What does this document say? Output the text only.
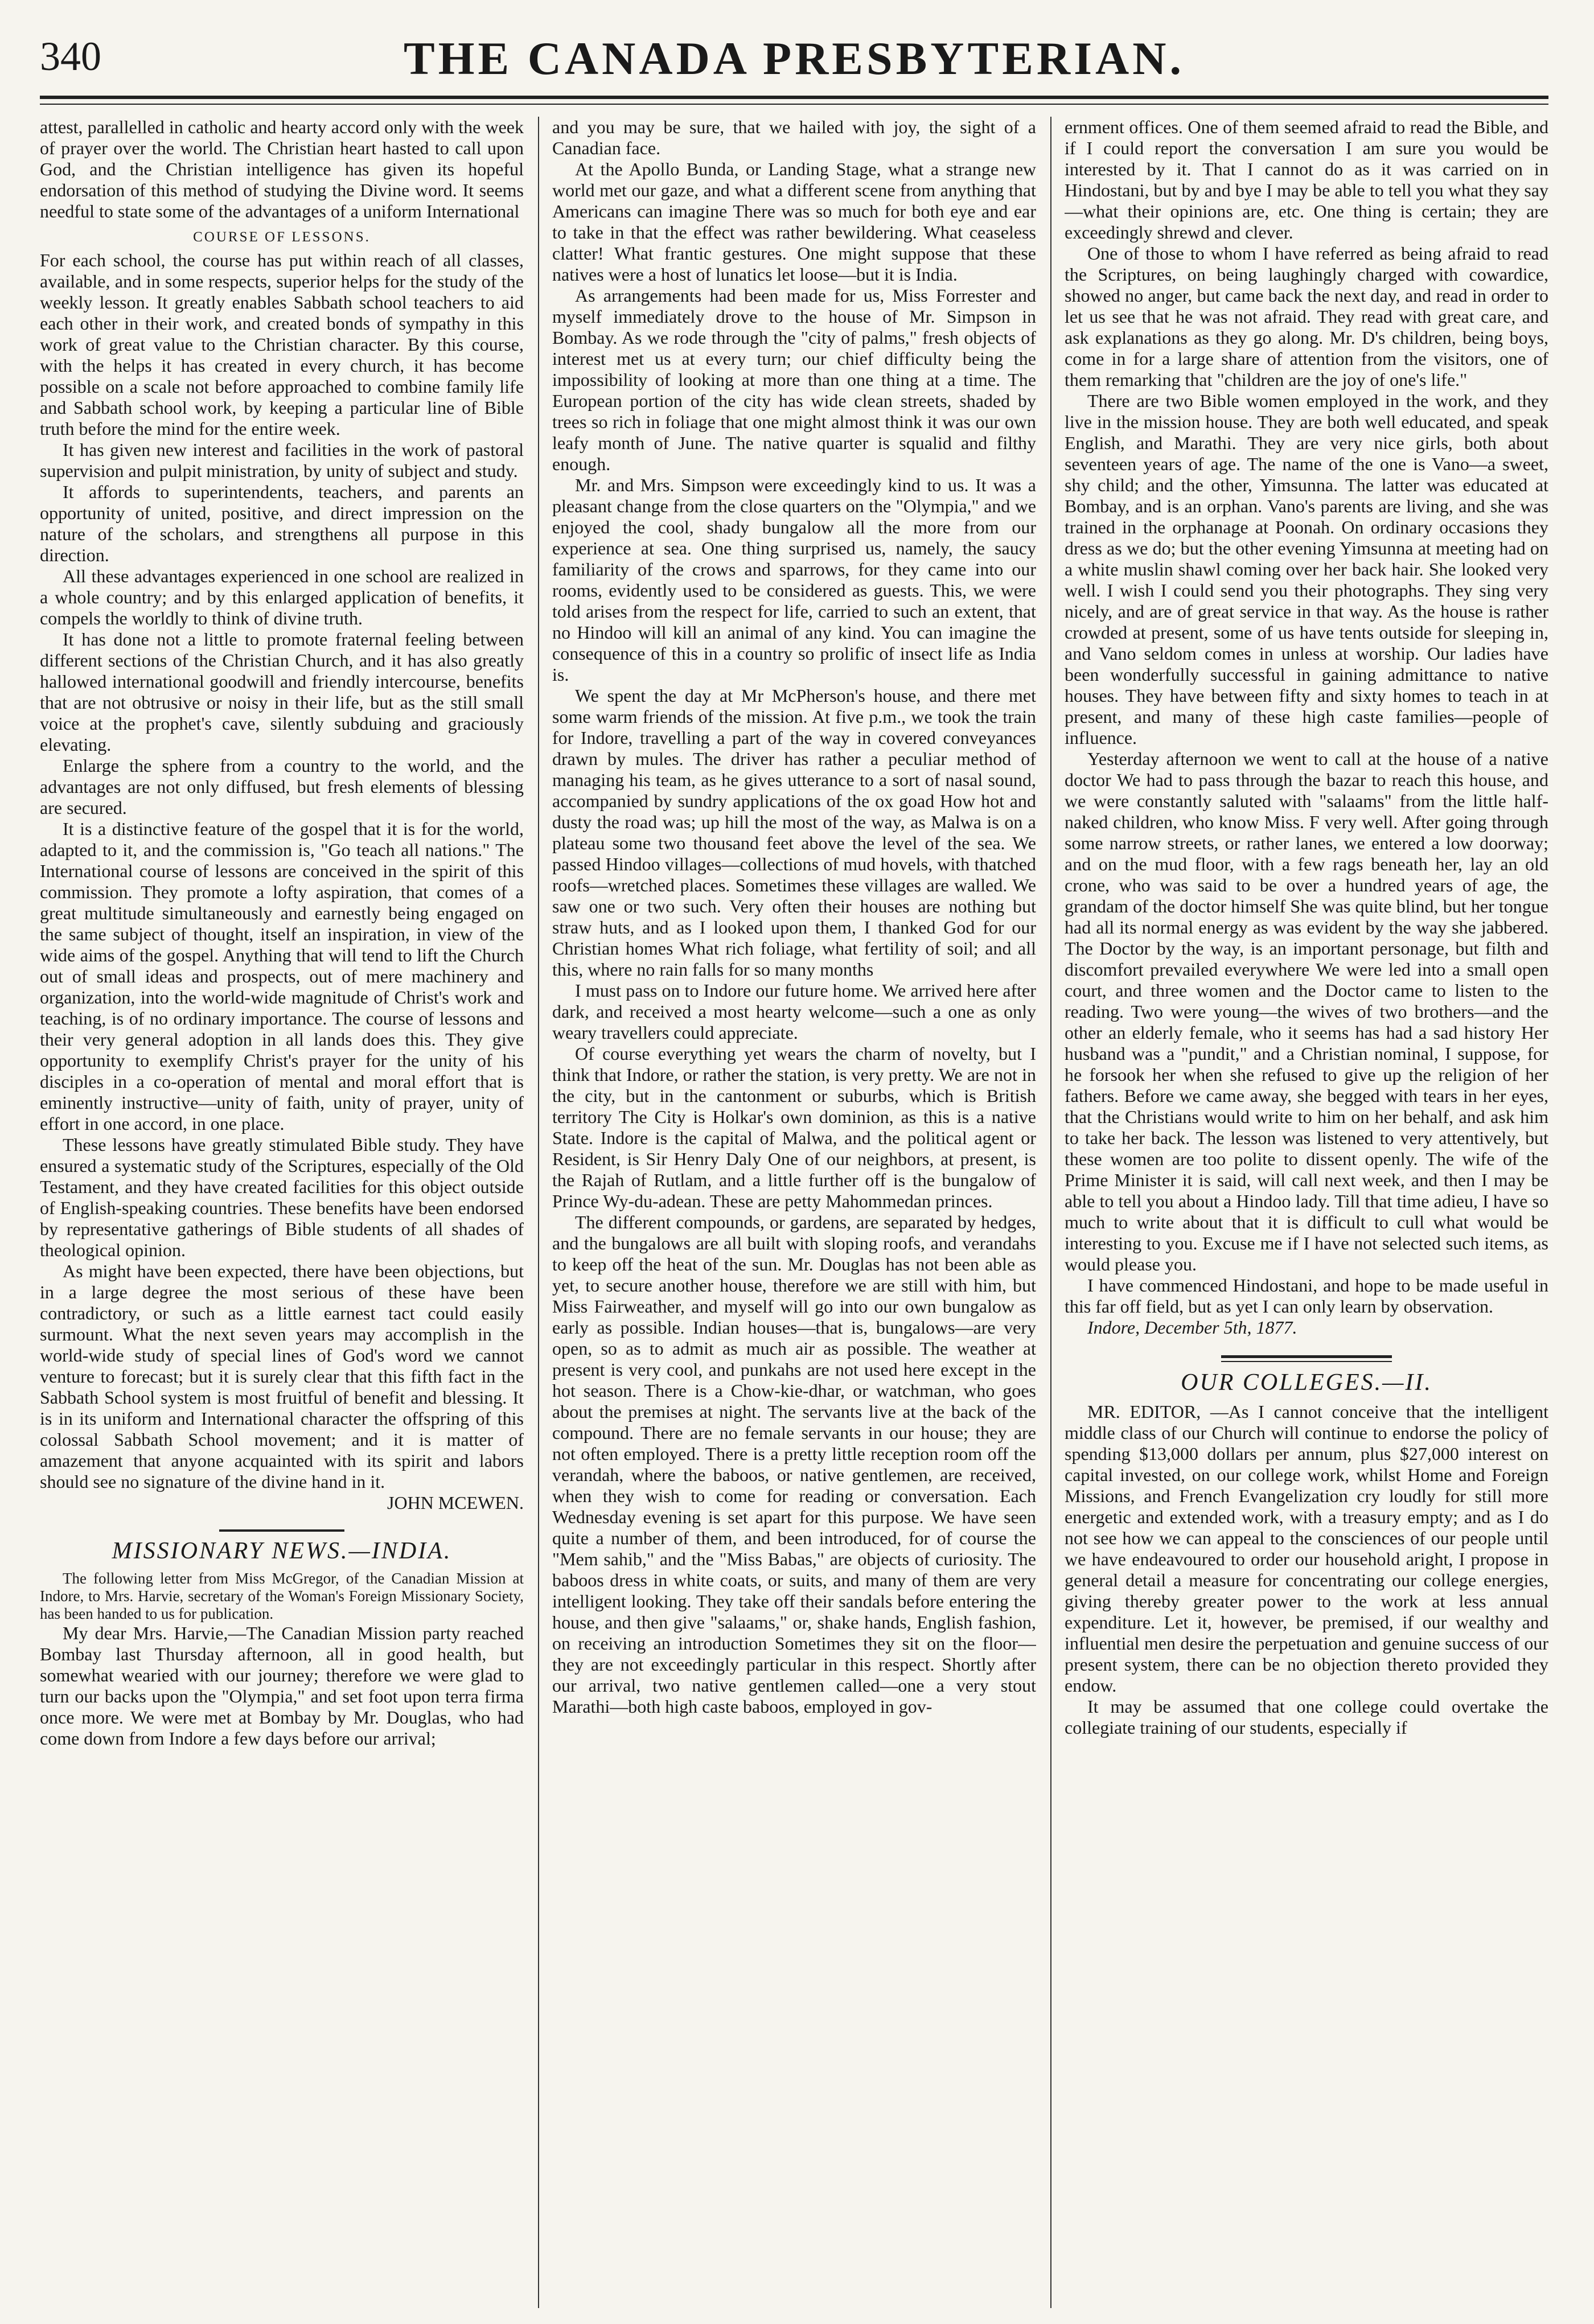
340	THE CANADA PRESBYTERIAN.

attest, parallelled in catholic and hearty accord only with the week of prayer over the world. The Christian heart hasted to call upon God, and the Christian intelligence has given its hopeful endorsation of this method of studying the Divine word. It seems needful to state some of the advantages of a uniform International

COURSE OF LESSONS.

For each school, the course has put within reach of all classes, available, and in some respects, superior helps for the study of the weekly lesson. It greatly enables Sabbath school teachers to aid each other in their work, and created bonds of sympathy in this work of great value to the Christian character. By this course, with the helps it has created in every church, it has become possible on a scale not before approached to combine family life and Sabbath school work, by keeping a particular line of Bible truth before the mind for the entire week.

It has given new interest and facilities in the work of pastoral supervision and pulpit ministration, by unity of subject and study.

It affords to superintendents, teachers, and parents an opportunity of united, positive, and direct impression on the nature of the scholars, and strengthens all purpose in this direction.

All these advantages experienced in one school are realized in a whole country; and by this enlarged application of benefits, it compels the worldly to think of divine truth.

It has done not a little to promote fraternal feeling between different sections of the Christian Church, and it has also greatly hallowed international goodwill and friendly intercourse, benefits that are not obtrusive or noisy in their life, but as the still small voice at the prophet's cave, silently subduing and graciously elevating.

Enlarge the sphere from a country to the world, and the advantages are not only diffused, but fresh elements of blessing are secured.

It is a distinctive feature of the gospel that it is for the world, adapted to it, and the commission is, "Go teach all nations." The International course of lessons are conceived in the spirit of this commission. They promote a lofty aspiration, that comes of a great multitude simultaneously and earnestly being engaged on the same subject of thought, itself an inspiration, in view of the wide aims of the gospel. Anything that will tend to lift the Church out of small ideas and prospects, out of mere machinery and organization, into the world-wide magnitude of Christ's work and teaching, is of no ordinary importance. The course of lessons and their very general adoption in all lands does this. They give opportunity to exemplify Christ's prayer for the unity of his disciples in a co-operation of mental and moral effort that is eminently instructive—unity of faith, unity of prayer, unity of effort in one accord, in one place.

These lessons have greatly stimulated Bible study. They have ensured a systematic study of the Scriptures, especially of the Old Testament, and they have created facilities for this object outside of English-speaking countries. These benefits have been endorsed by representative gatherings of Bible students of all shades of theological opinion.

As might have been expected, there have been objections, but in a large degree the most serious of these have been contradictory, or such as a little earnest tact could easily surmount. What the next seven years may accomplish in the world-wide study of special lines of God's word we cannot venture to forecast; but it is surely clear that this fifth fact in the Sabbath School system is most fruitful of benefit and blessing. It is in its uniform and International character the offspring of this colossal Sabbath School movement; and it is matter of amazement that anyone acquainted with its spirit and labors should see no signature of the divine hand in it.

JOHN MCEWEN.
MISSIONARY NEWS.—INDIA.

The following letter from Miss McGregor, of the Canadian Mission at Indore, to Mrs. Harvie, secretary of the Woman's Foreign Missionary Society, has been handed to us for publication.

My dear Mrs. Harvie,—The Canadian Mission party reached Bombay last Thursday afternoon, all in good health, but somewhat wearied with our journey; therefore we were glad to turn our backs upon the "Olympia," and set foot upon terra firma once more. We were met at Bombay by Mr. Douglas, who had come down from Indore a few days before our arrival;

and you may be sure, that we hailed with joy, the sight of a Canadian face.

At the Apollo Bunda, or Landing Stage, what a strange new world met our gaze, and what a different scene from anything that Americans can imagine There was so much for both eye and ear to take in that the effect was rather bewildering. What ceaseless clatter! What frantic gestures. One might suppose that these natives were a host of lunatics let loose—but it is India.

As arrangements had been made for us, Miss Forrester and myself immediately drove to the house of Mr. Simpson in Bombay. As we rode through the "city of palms," fresh objects of interest met us at every turn; our chief difficulty being the impossibility of looking at more than one thing at a time. The European portion of the city has wide clean streets, shaded by trees so rich in foliage that one might almost think it was our own leafy month of June. The native quarter is squalid and filthy enough.

Mr. and Mrs. Simpson were exceedingly kind to us. It was a pleasant change from the close quarters on the "Olympia," and we enjoyed the cool, shady bungalow all the more from our experience at sea. One thing surprised us, namely, the saucy familiarity of the crows and sparrows, for they came into our rooms, evidently used to be considered as guests. This, we were told arises from the respect for life, carried to such an extent, that no Hindoo will kill an animal of any kind. You can imagine the consequence of this in a country so prolific of insect life as India is.

We spent the day at Mr McPherson's house, and there met some warm friends of the mission. At five p.m., we took the train for Indore, travelling a part of the way in covered conveyances drawn by mules. The driver has rather a peculiar method of managing his team, as he gives utterance to a sort of nasal sound, accompanied by sundry applications of the ox goad How hot and dusty the road was; up hill the most of the way, as Malwa is on a plateau some two thousand feet above the level of the sea. We passed Hindoo villages—collections of mud hovels, with thatched roofs—wretched places. Sometimes these villages are walled. We saw one or two such. Very often their houses are nothing but straw huts, and as I looked upon them, I thanked God for our Christian homes What rich foliage, what fertility of soil; and all this, where no rain falls for so many months

I must pass on to Indore our future home. We arrived here after dark, and received a most hearty welcome—such a one as only weary travellers could appreciate.

Of course everything yet wears the charm of novelty, but I think that Indore, or rather the station, is very pretty. We are not in the city, but in the cantonment or suburbs, which is British territory The City is Holkar's own dominion, as this is a native State. Indore is the capital of Malwa, and the political agent or Resident, is Sir Henry Daly One of our neighbors, at present, is the Rajah of Rutlam, and a little further off is the bungalow of Prince Wy-du-adean. These are petty Mahommedan princes.

The different compounds, or gardens, are separated by hedges, and the bungalows are all built with sloping roofs, and verandahs to keep off the heat of the sun. Mr. Douglas has not been able as yet, to secure another house, therefore we are still with him, but Miss Fairweather, and myself will go into our own bungalow as early as possible. Indian houses—that is, bungalows—are very open, so as to admit as much air as possible. The weather at present is very cool, and punkahs are not used here except in the hot season. There is a Chow-kie-dhar, or watchman, who goes about the premises at night. The servants live at the back of the compound. There are no female servants in our house; they are not often employed. There is a pretty little reception room off the verandah, where the baboos, or native gentlemen, are received, when they wish to come for reading or conversation. Each Wednesday evening is set apart for this purpose. We have seen quite a number of them, and been introduced, for of course the "Mem sahib," and the "Miss Babas," are objects of curiosity. The baboos dress in white coats, or suits, and many of them are very intelligent looking. They take off their sandals before entering the house, and then give "salaams," or, shake hands, English fashion, on receiving an introduction Sometimes they sit on the floor—they are not exceedingly particular in this respect. Shortly after our arrival, two native gentlemen called—one a very stout Marathi—both high caste baboos, employed in gov-

ernment offices. One of them seemed afraid to read the Bible, and if I could report the conversation I am sure you would be interested by it. That I cannot do as it was carried on in Hindostani, but by and bye I may be able to tell you what they say—what their opinions are, etc. One thing is certain; they are exceedingly shrewd and clever.

One of those to whom I have referred as being afraid to read the Scriptures, on being laughingly charged with cowardice, showed no anger, but came back the next day, and read in order to let us see that he was not afraid. They read with great care, and ask explanations as they go along. Mr. D's children, being boys, come in for a large share of attention from the visitors, one of them remarking that "children are the joy of one's life."

There are two Bible women employed in the work, and they live in the mission house. They are both well educated, and speak English, and Marathi. They are very nice girls, both about seventeen years of age. The name of the one is Vano—a sweet, shy child; and the other, Yimsunna. The latter was educated at Bombay, and is an orphan. Vano's parents are living, and she was trained in the orphanage at Poonah. On ordinary occasions they dress as we do; but the other evening Yimsunna at meeting had on a white muslin shawl coming over her back hair. She looked very well. I wish I could send you their photographs. They sing very nicely, and are of great service in that way. As the house is rather crowded at present, some of us have tents outside for sleeping in, and Vano seldom comes in unless at worship. Our ladies have been wonderfully successful in gaining admittance to native houses. They have between fifty and sixty homes to teach in at present, and many of these high caste families—people of influence.

Yesterday afternoon we went to call at the house of a native doctor We had to pass through the bazar to reach this house, and we were constantly saluted with "salaams" from the little half-naked children, who know Miss. F very well. After going through some narrow streets, or rather lanes, we entered a low doorway; and on the mud floor, with a few rags beneath her, lay an old crone, who was said to be over a hundred years of age, the grandam of the doctor himself She was quite blind, but her tongue had all its normal energy as was evident by the way she jabbered. The Doctor by the way, is an important personage, but filth and discomfort prevailed everywhere We were led into a small open court, and three women and the Doctor came to listen to the reading. Two were young—the wives of two brothers—and the other an elderly female, who it seems has had a sad history Her husband was a "pundit," and a Christian nominal, I suppose, for he forsook her when she refused to give up the religion of her fathers. Before we came away, she begged with tears in her eyes, that the Christians would write to him on her behalf, and ask him to take her back. The lesson was listened to very attentively, but these women are too polite to dissent openly. The wife of the Prime Minister it is said, will call next week, and then I may be able to tell you about a Hindoo lady. Till that time adieu, I have so much to write about that it is difficult to cull what would be interesting to you. Excuse me if I have not selected such items, as would please you.

I have commenced Hindostani, and hope to be made useful in this far off field, but as yet I can only learn by observation.

Indore, December 5th, 1877.

OUR COLLEGES.—II.

MR. EDITOR, —As I cannot conceive that the intelligent middle class of our Church will continue to endorse the policy of spending $13,000 dollars per annum, plus $27,000 interest on capital invested, on our college work, whilst Home and Foreign Missions, and French Evangelization cry loudly for still more energetic and extended work, with a treasury empty; and as I do not see how we can appeal to the consciences of our people until we have endeavoured to order our household aright, I propose in general detail a measure for concentrating our college energies, giving thereby greater power to the work at less annual expenditure. Let it, however, be premised, if our wealthy and influential men desire the perpetuation and genuine success of our present system, there can be no objection thereto provided they endow.

It may be assumed that one college could overtake the collegiate training of our students, especially if
